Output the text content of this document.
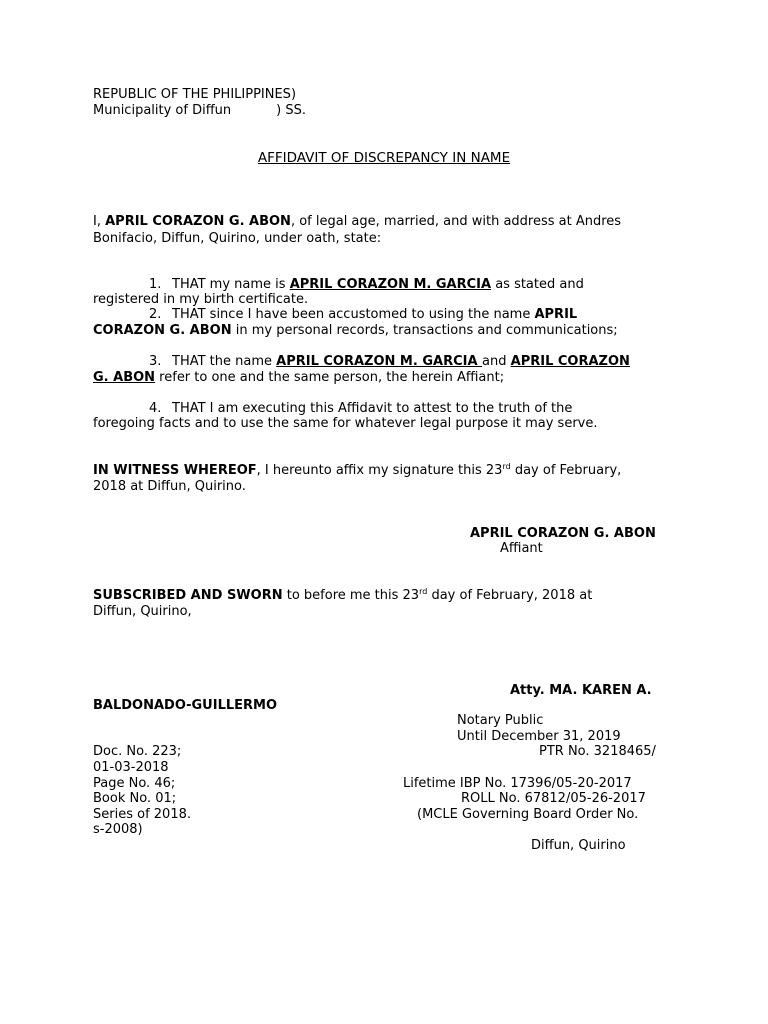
REPUBLIC OF THE PHILIPPINES)

Municipality of Diffun	) SS.

AFFIDAVIT OF DISCREPANCY IN NAME

I, APRIL CORAZON G. ABON, of legal age, married, and with address at Andres

Bonifacio, Diffun, Quirino, under oath, state:

1. THAT my name is APRIL CORAZON M. GARCIA as stated and

registered in my birth certificate.

2. THAT since I have been accustomed to using the name APRIL

CORAZON G. ABON in my personal records, transactions and communications;

3. THAT the name APRIL CORAZON M. GARCIA and APRIL CORAZON

G. ABON refer to one and the same person, the herein Affiant;

4. THAT I am executing this Affidavit to attest to the truth of the

foregoing facts and to use the same for whatever legal purpose it may serve.

IN WITNESS WHEREOF, I hereunto affix my signature this 23rd day of February,

2018 at Diffun, Quirino.

APRIL CORAZON G. ABON

Affiant

SUBSCRIBED AND SWORN to before me this 23rd day of February, 2018 at

Diffun, Quirino,

Atty. MA. KAREN A.

BALDONADO-GUILLERMO

Notary Public

Until December 31, 2019

Doc. No. 223;	PTR No. 3218465/

01-03-2018

Page No. 46;	Lifetime IBP No. 17396/05-20-2017

Book No. 01;	ROLL No. 67812/05-26-2017

Series of 2018.	(MCLE Governing Board Order No.

s-2008)

Diffun, Quirino
